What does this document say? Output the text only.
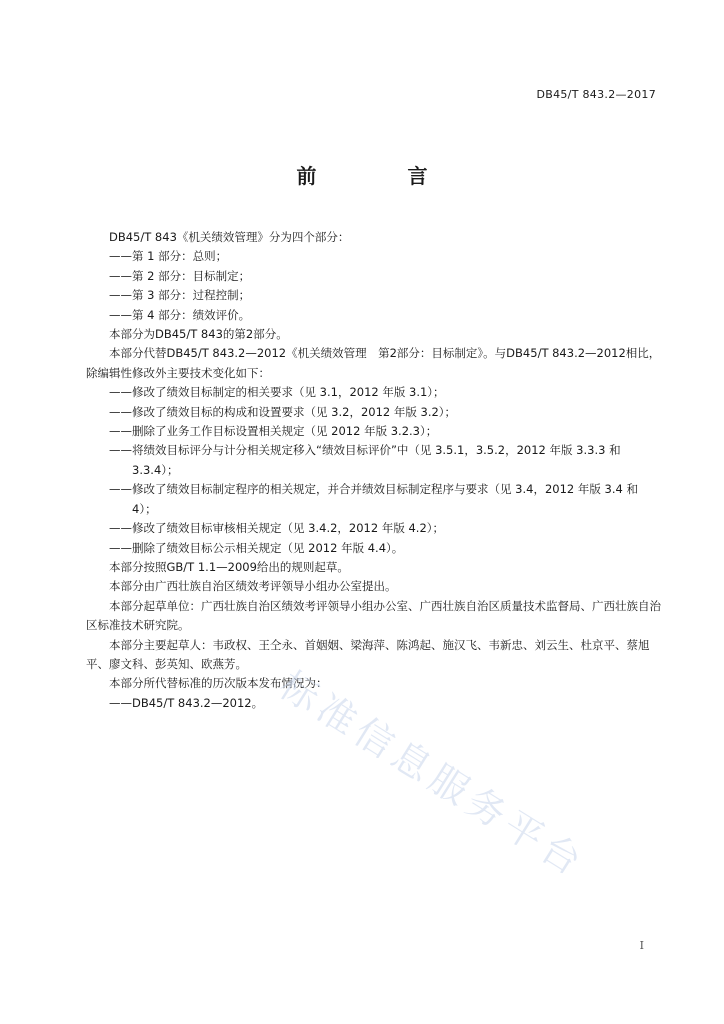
DB45/T 843.2—2017
前 言

DB45/T 843《机关绩效管理》分为四个部分：

——第 1 部分：总则；

——第 2 部分：目标制定；

——第 3 部分：过程控制；

——第 4 部分：绩效评价。

本部分为DB45/T 843的第2部分。

本部分代替DB45/T 843.2—2012《机关绩效管理　第2部分：目标制定》。与DB45/T 843.2—2012相比，除编辑性修改外主要技术变化如下：

——修改了绩效目标制定的相关要求（见 3.1，2012 年版 3.1）；

——修改了绩效目标的构成和设置要求（见 3.2，2012 年版 3.2）；

——删除了业务工作目标设置相关规定（见 2012 年版 3.2.3）；

——将绩效目标评分与计分相关规定移入“绩效目标评价”中（见 3.5.1，3.5.2，2012 年版 3.3.3 和 3.3.4）；

——修改了绩效目标制定程序的相关规定，并合并绩效目标制定程序与要求（见 3.4，2012 年版 3.4 和 4）；

——修改了绩效目标审核相关规定（见 3.4.2，2012 年版 4.2）；

——删除了绩效目标公示相关规定（见 2012 年版 4.4）。

本部分按照GB/T 1.1—2009给出的规则起草。

本部分由广西壮族自治区绩效考评领导小组办公室提出。

本部分起草单位：广西壮族自治区绩效考评领导小组办公室、广西壮族自治区质量技术监督局、广西壮族自治区标准技术研究院。

本部分主要起草人：韦政权、王仝永、首姻姻、梁海萍、陈鸿起、施汉飞、韦新忠、刘云生、杜京平、蔡旭平、廖文科、彭英知、欧燕芳。

本部分所代替标准的历次版本发布情况为：

——DB45/T 843.2—2012。 标准信息服务平台
I
